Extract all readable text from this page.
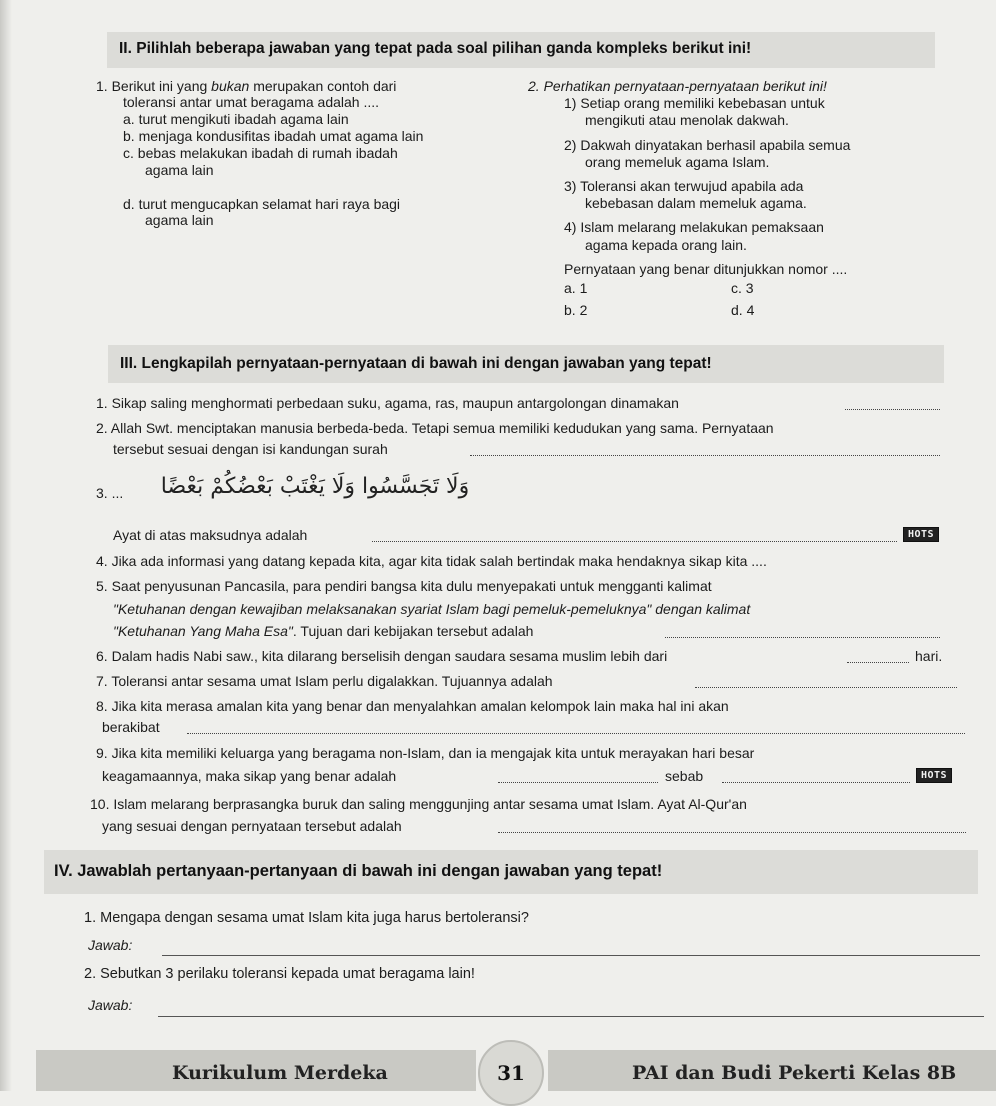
II. Pilihlah beberapa jawaban yang tepat pada soal pilihan ganda kompleks berikut ini!
1. Berikut ini yang bukan merupakan contoh dari
toleransi antar umat beragama adalah ....
a. turut mengikuti ibadah agama lain
b. menjaga kondusifitas ibadah umat agama lain
c. bebas melakukan ibadah di rumah ibadah
agama lain
d. turut mengucapkan selamat hari raya bagi
agama lain
2. Perhatikan pernyataan-pernyataan berikut ini!
1) Setiap orang memiliki kebebasan untuk
mengikuti atau menolak dakwah.
2) Dakwah dinyatakan berhasil apabila semua
orang memeluk agama Islam.
3) Toleransi akan terwujud apabila ada
kebebasan dalam memeluk agama.
4) Islam melarang melakukan pemaksaan
agama kepada orang lain.
Pernyataan yang benar ditunjukkan nomor ....
a. 1	c. 3
b. 2	d. 4
III. Lengkapilah pernyataan-pernyataan di bawah ini dengan jawaban yang tepat!
1. Sikap saling menghormati perbedaan suku, agama, ras, maupun antargolongan dinamakan
2. Allah Swt. menciptakan manusia berbeda-beda. Tetapi semua memiliki kedudukan yang sama. Pernyataan
tersebut sesuai dengan isi kandungan surah
3. ...	وَلَا تَجَسَّسُوا وَلَا يَغْتَبْ بَعْضُكُمْ بَعْضًا
Ayat di atas maksudnya adalah	HOTS
4. Jika ada informasi yang datang kepada kita, agar kita tidak salah bertindak maka hendaknya sikap kita ....
5. Saat penyusunan Pancasila, para pendiri bangsa kita dulu menyepakati untuk mengganti kalimat
"Ketuhanan dengan kewajiban melaksanakan syariat Islam bagi pemeluk-pemeluknya" dengan kalimat
"Ketuhanan Yang Maha Esa". Tujuan dari kebijakan tersebut adalah
6. Dalam hadis Nabi saw., kita dilarang berselisih dengan saudara sesama muslim lebih dari	hari.
7. Toleransi antar sesama umat Islam perlu digalakkan. Tujuannya adalah
8. Jika kita merasa amalan kita yang benar dan menyalahkan amalan kelompok lain maka hal ini akan
berakibat
9. Jika kita memiliki keluarga yang beragama non-Islam, dan ia mengajak kita untuk merayakan hari besar
keagamaannya, maka sikap yang benar adalah	sebab	HOTS
10. Islam melarang berprasangka buruk dan saling menggunjing antar sesama umat Islam. Ayat Al-Qur'an
yang sesuai dengan pernyataan tersebut adalah
IV. Jawablah pertanyaan-pertanyaan di bawah ini dengan jawaban yang tepat!
1. Mengapa dengan sesama umat Islam kita juga harus bertoleransi?
Jawab:
2. Sebutkan 3 perilaku toleransi kepada umat beragama lain!
Jawab:
Kurikulum Merdeka	31	PAI dan Budi Pekerti Kelas 8B
